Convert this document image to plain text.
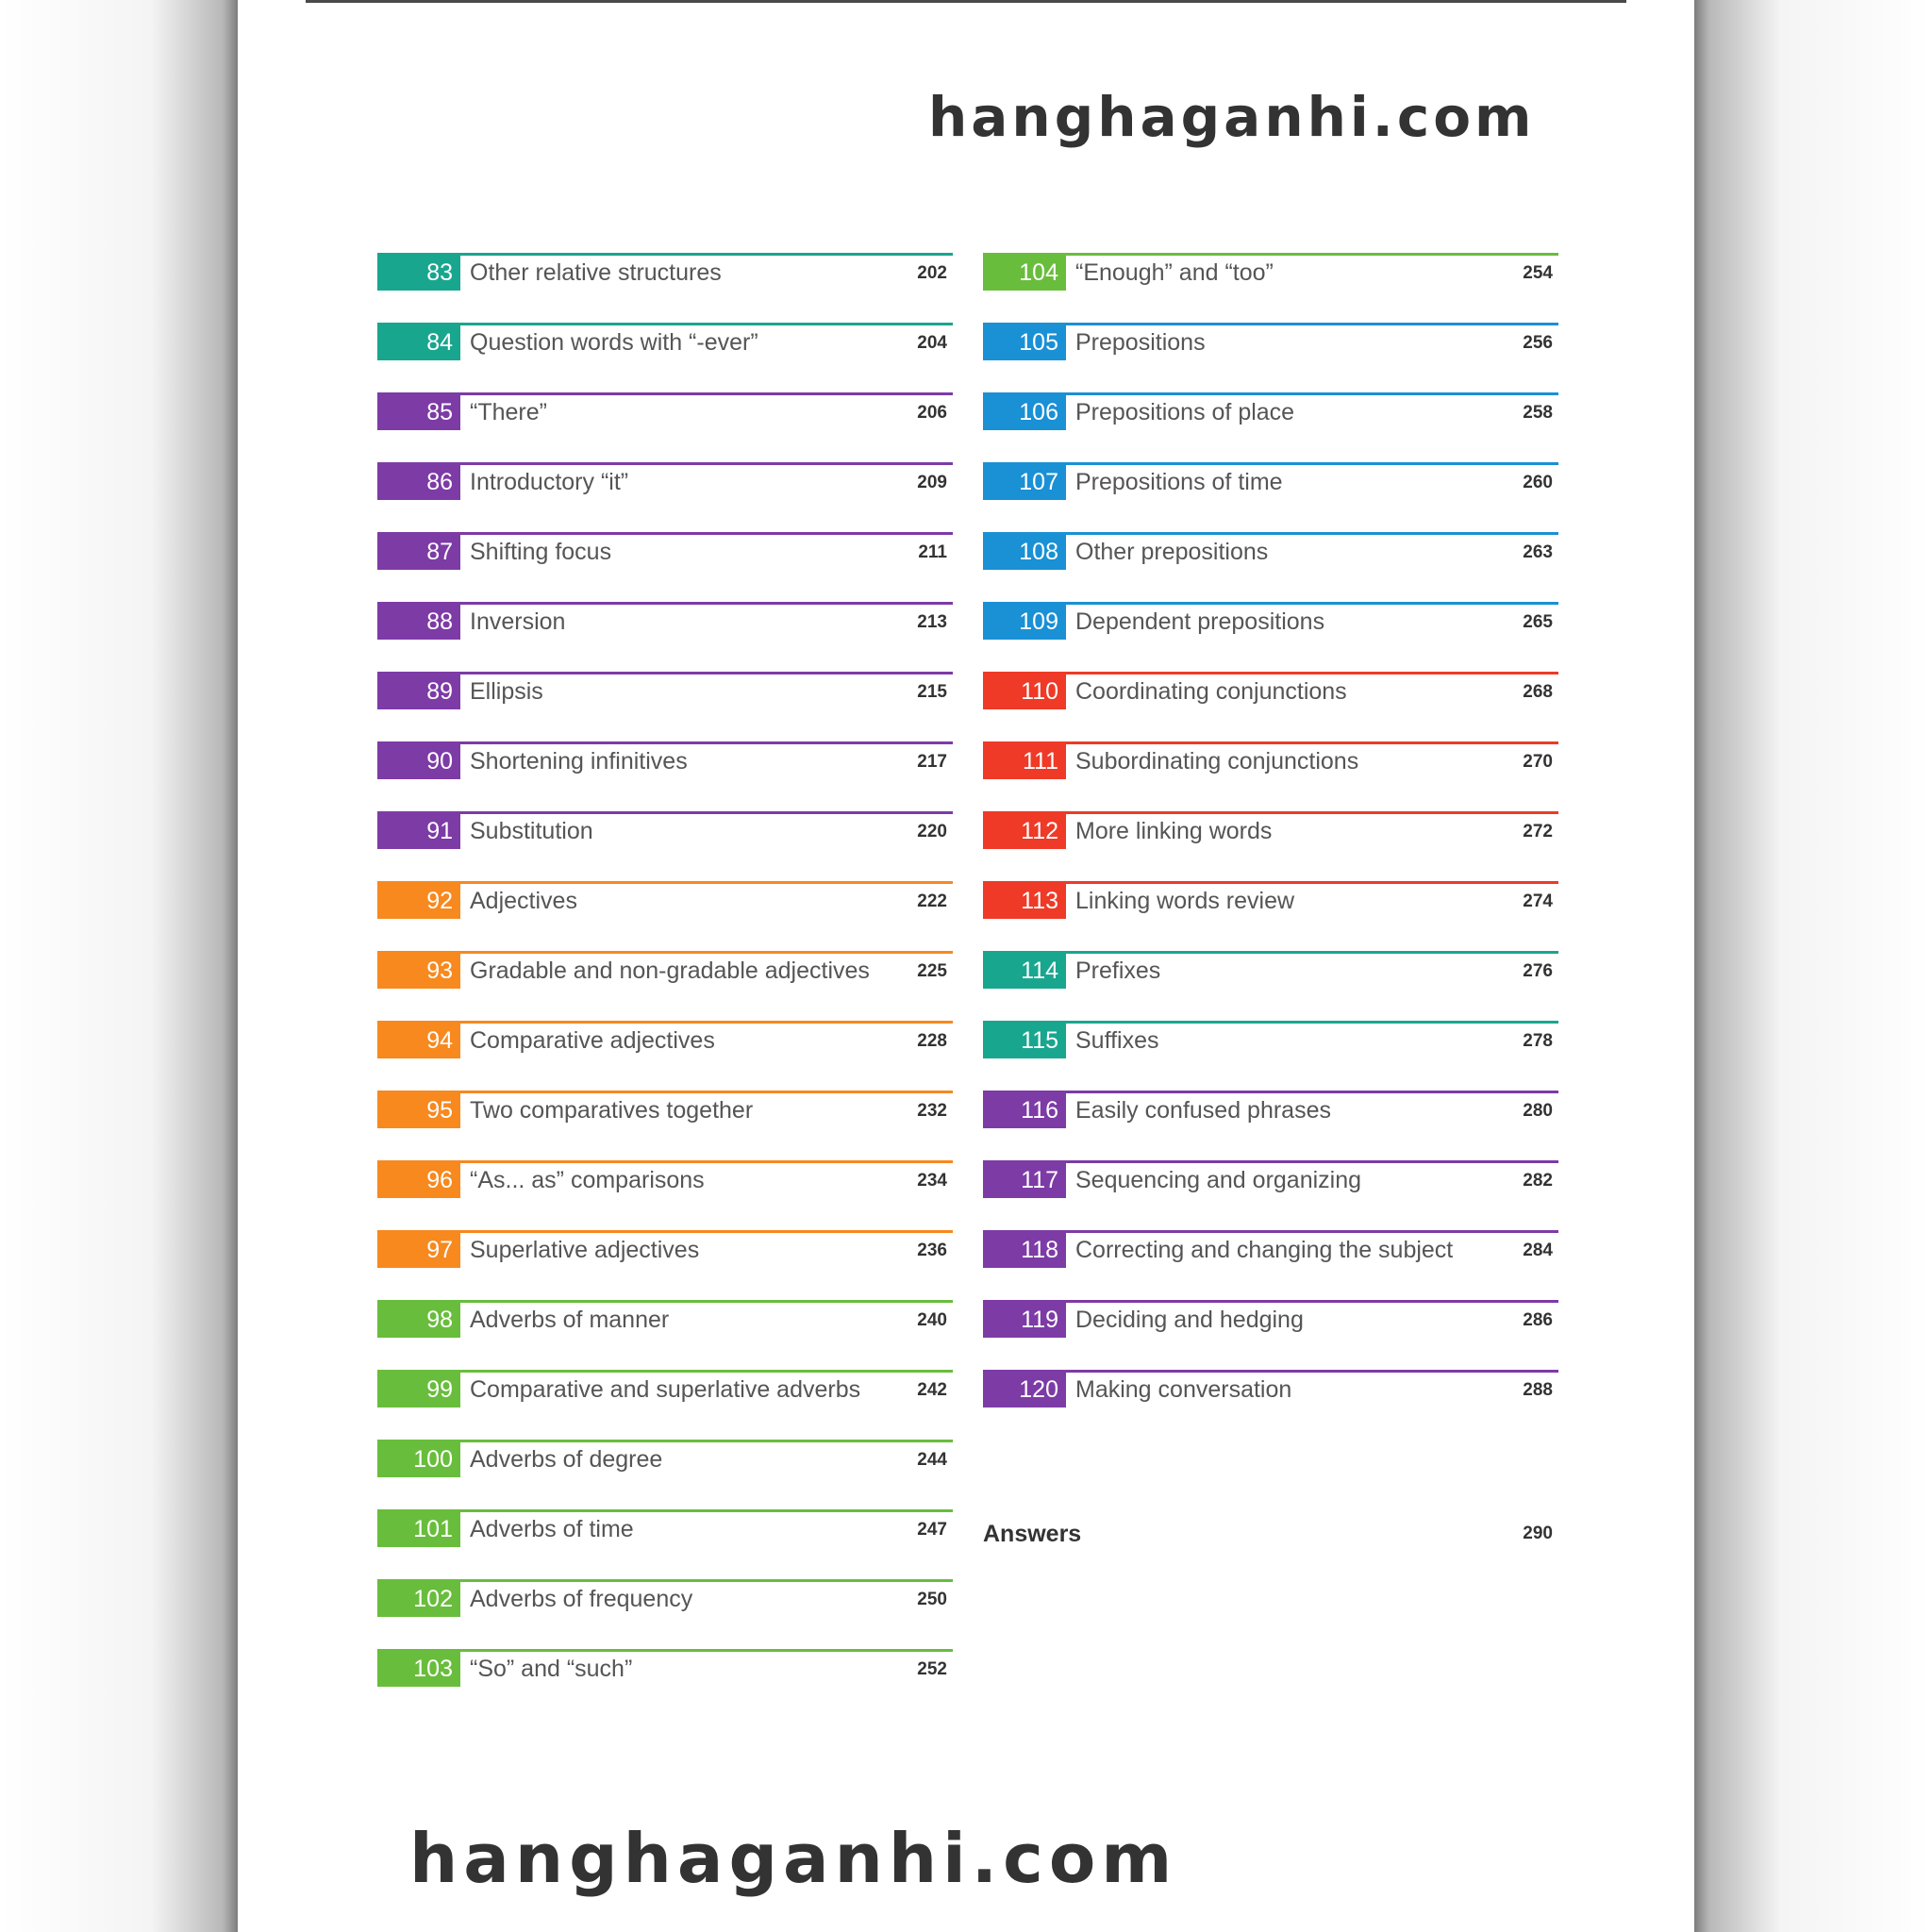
hanghaganhi.com
83 Other relative structures	202
84 Question words with “-ever”	204
85 “There”	206
86 Introductory “it”	209
87 Shifting focus	211
88 Inversion	213
89 Ellipsis	215
90 Shortening infinitives	217
91 Substitution	220
92 Adjectives	222
93 Gradable and non-gradable adjectives	225
94 Comparative adjectives	228
95 Two comparatives together	232
96 “As... as” comparisons	234
97 Superlative adjectives	236
98 Adverbs of manner	240
99 Comparative and superlative adverbs	242
100 Adverbs of degree	244
101 Adverbs of time	247
102 Adverbs of frequency	250
103 “So” and “such”	252
104 “Enough” and “too”	254
105 Prepositions	256
106 Prepositions of place	258
107 Prepositions of time	260
108 Other prepositions	263
109 Dependent prepositions	265
110 Coordinating conjunctions	268
111 Subordinating conjunctions	270
112 More linking words	272
113 Linking words review	274
114 Prefixes	276
115 Suffixes	278
116 Easily confused phrases	280
117 Sequencing and organizing	282
118 Correcting and changing the subject	284
119 Deciding and hedging	286
120 Making conversation	288
Answers	290
hanghaganhi.com
